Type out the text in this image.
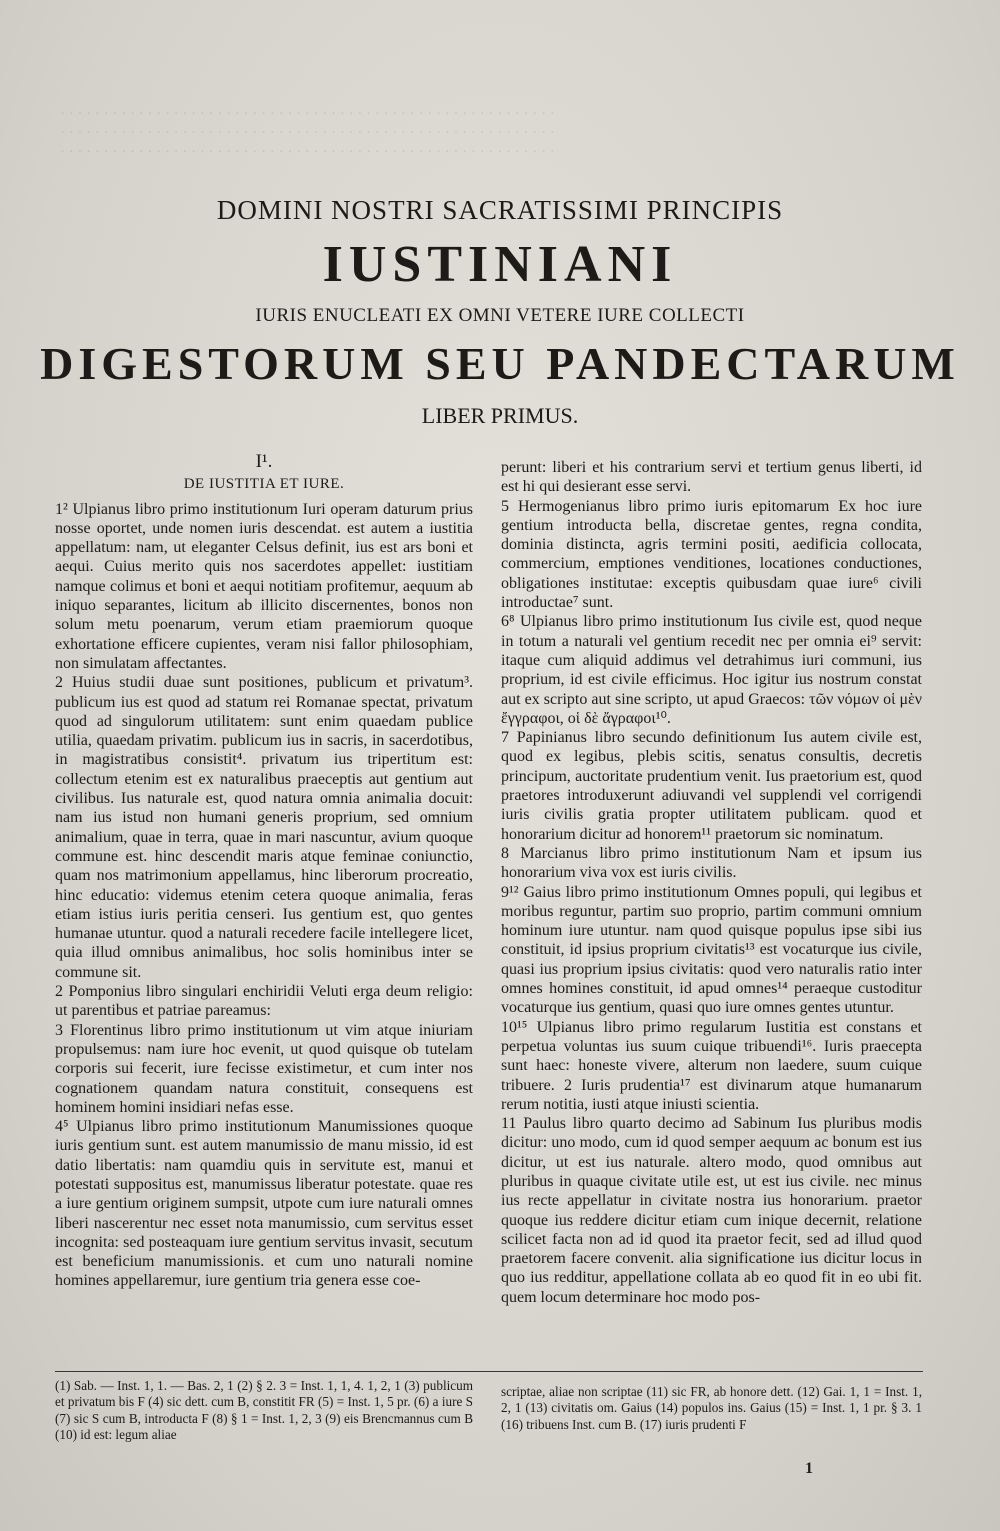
· · · · · · · · · · · · · · · · · · · · · · · · · · · · · · · · · · · · · · · · · · · · · · · · · · · · · · · · ·
· · · · · · · · · · · · · · · · · · · · · · · · · · · · · · · · · · · · · · · · · · · · · · · · · · · · · · · · ·
· · · · · · · · · · · · · · · · · · · · · · · · · · · · · · · · · · · · · · · · · · · · · · · · · · · · · · · · ·
DOMINI NOSTRI SACRATISSIMI PRINCIPIS
IUSTINIANI
IURIS ENUCLEATI EX OMNI VETERE IURE COLLECTI
DIGESTORUM SEU PANDECTARUM
LIBER PRIMUS.
I¹.
DE IUSTITIA ET IURE.

1² Ulpianus libro primo institutionum Iuri operam daturum prius nosse oportet, unde nomen iuris descendat. est autem a iustitia appellatum: nam, ut eleganter Celsus definit, ius est ars boni et aequi. Cuius merito quis nos sacerdotes appellet: iustitiam namque colimus et boni et aequi notitiam profitemur, aequum ab iniquo separantes, licitum ab illicito discernentes, bonos non solum metu poenarum, verum etiam praemiorum quoque exhortatione efficere cupientes, veram nisi fallor philosophiam, non simulatam affectantes.

2 Huius studii duae sunt positiones, publicum et privatum³. publicum ius est quod ad statum rei Romanae spectat, privatum quod ad singulorum utilitatem: sunt enim quaedam publice utilia, quaedam privatim. publicum ius in sacris, in sacerdotibus, in magistratibus consistit⁴. privatum ius tripertitum est: collectum etenim est ex naturalibus praeceptis aut gentium aut civilibus. Ius naturale est, quod natura omnia animalia docuit: nam ius istud non humani generis proprium, sed omnium animalium, quae in terra, quae in mari nascuntur, avium quoque commune est. hinc descendit maris atque feminae coniunctio, quam nos matrimonium appellamus, hinc liberorum procreatio, hinc educatio: videmus etenim cetera quoque animalia, feras etiam istius iuris peritia censeri. Ius gentium est, quo gentes humanae utuntur. quod a naturali recedere facile intellegere licet, quia illud omnibus animalibus, hoc solis hominibus inter se commune sit.

2 Pomponius libro singulari enchiridii Veluti erga deum religio: ut parentibus et patriae pareamus:

3 Florentinus libro primo institutionum ut vim atque iniuriam propulsemus: nam iure hoc evenit, ut quod quisque ob tutelam corporis sui fecerit, iure fecisse existimetur, et cum inter nos cognationem quandam natura constituit, consequens est hominem homini insidiari nefas esse.

4⁵ Ulpianus libro primo institutionum Manumissiones quoque iuris gentium sunt. est autem manumissio de manu missio, id est datio libertatis: nam quamdiu quis in servitute est, manui et potestati suppositus est, manumissus liberatur potestate. quae res a iure gentium originem sumpsit, utpote cum iure naturali omnes liberi nascerentur nec esset nota manumissio, cum servitus esset incognita: sed posteaquam iure gentium servitus invasit, secutum est beneficium manumissionis. et cum uno naturali nomine homines appellaremur, iure gentium tria genera esse coe-

perunt: liberi et his contrarium servi et tertium genus liberti, id est hi qui desierant esse servi.

5 Hermogenianus libro primo iuris epitomarum Ex hoc iure gentium introducta bella, discretae gentes, regna condita, dominia distincta, agris termini positi, aedificia collocata, commercium, emptiones venditiones, locationes conductiones, obligationes institutae: exceptis quibusdam quae iure⁶ civili introductae⁷ sunt.

6⁸ Ulpianus libro primo institutionum Ius civile est, quod neque in totum a naturali vel gentium recedit nec per omnia ei⁹ servit: itaque cum aliquid addimus vel detrahimus iuri communi, ius proprium, id est civile efficimus. Hoc igitur ius nostrum constat aut ex scripto aut sine scripto, ut apud Graecos: τῶν νόμων οἱ μὲν ἔγγραφοι, οἱ δὲ ἄγραφοι¹⁰.

7 Papinianus libro secundo definitionum Ius autem civile est, quod ex legibus, plebis scitis, senatus consultis, decretis principum, auctoritate prudentium venit. Ius praetorium est, quod praetores introduxerunt adiuvandi vel supplendi vel corrigendi iuris civilis gratia propter utilitatem publicam. quod et honorarium dicitur ad honorem¹¹ praetorum sic nominatum.

8 Marcianus libro primo institutionum Nam et ipsum ius honorarium viva vox est iuris civilis.

9¹² Gaius libro primo institutionum Omnes populi, qui legibus et moribus reguntur, partim suo proprio, partim communi omnium hominum iure utuntur. nam quod quisque populus ipse sibi ius constituit, id ipsius proprium civitatis¹³ est vocaturque ius civile, quasi ius proprium ipsius civitatis: quod vero naturalis ratio inter omnes homines constituit, id apud omnes¹⁴ peraeque custoditur vocaturque ius gentium, quasi quo iure omnes gentes utuntur.

10¹⁵ Ulpianus libro primo regularum Iustitia est constans et perpetua voluntas ius suum cuique tribuendi¹⁶. Iuris praecepta sunt haec: honeste vivere, alterum non laedere, suum cuique tribuere. 2 Iuris prudentia¹⁷ est divinarum atque humanarum rerum notitia, iusti atque iniusti scientia.

11 Paulus libro quarto decimo ad Sabinum Ius pluribus modis dicitur: uno modo, cum id quod semper aequum ac bonum est ius dicitur, ut est ius naturale. altero modo, quod omnibus aut pluribus in quaque civitate utile est, ut est ius civile. nec minus ius recte appellatur in civitate nostra ius honorarium. praetor quoque ius reddere dicitur etiam cum inique decernit, relatione scilicet facta non ad id quod ita praetor fecit, sed ad illud quod praetorem facere convenit. alia significatione ius dicitur locus in quo ius redditur, appellatione collata ab eo quod fit in eo ubi fit. quem locum determinare hoc modo pos-

(1) Sab. — Inst. 1, 1. — Bas. 2, 1 (2) § 2. 3 = Inst. 1, 1, 4. 1, 2, 1 (3) publicum et privatum bis F (4) sic dett. cum B, constitit FR (5) = Inst. 1, 5 pr. (6) a iure S (7) sic S cum B, introducta F (8) § 1 = Inst. 1, 2, 3 (9) eis Brencmannus cum B (10) id est: legum aliae
scriptae, aliae non scriptae (11) sic FR, ab honore dett. (12) Gai. 1, 1 = Inst. 1, 2, 1 (13) civitatis om. Gaius (14) populos ins. Gaius (15) = Inst. 1, 1 pr. § 3. 1 (16) tribuens Inst. cum B. (17) iuris prudenti F
1
